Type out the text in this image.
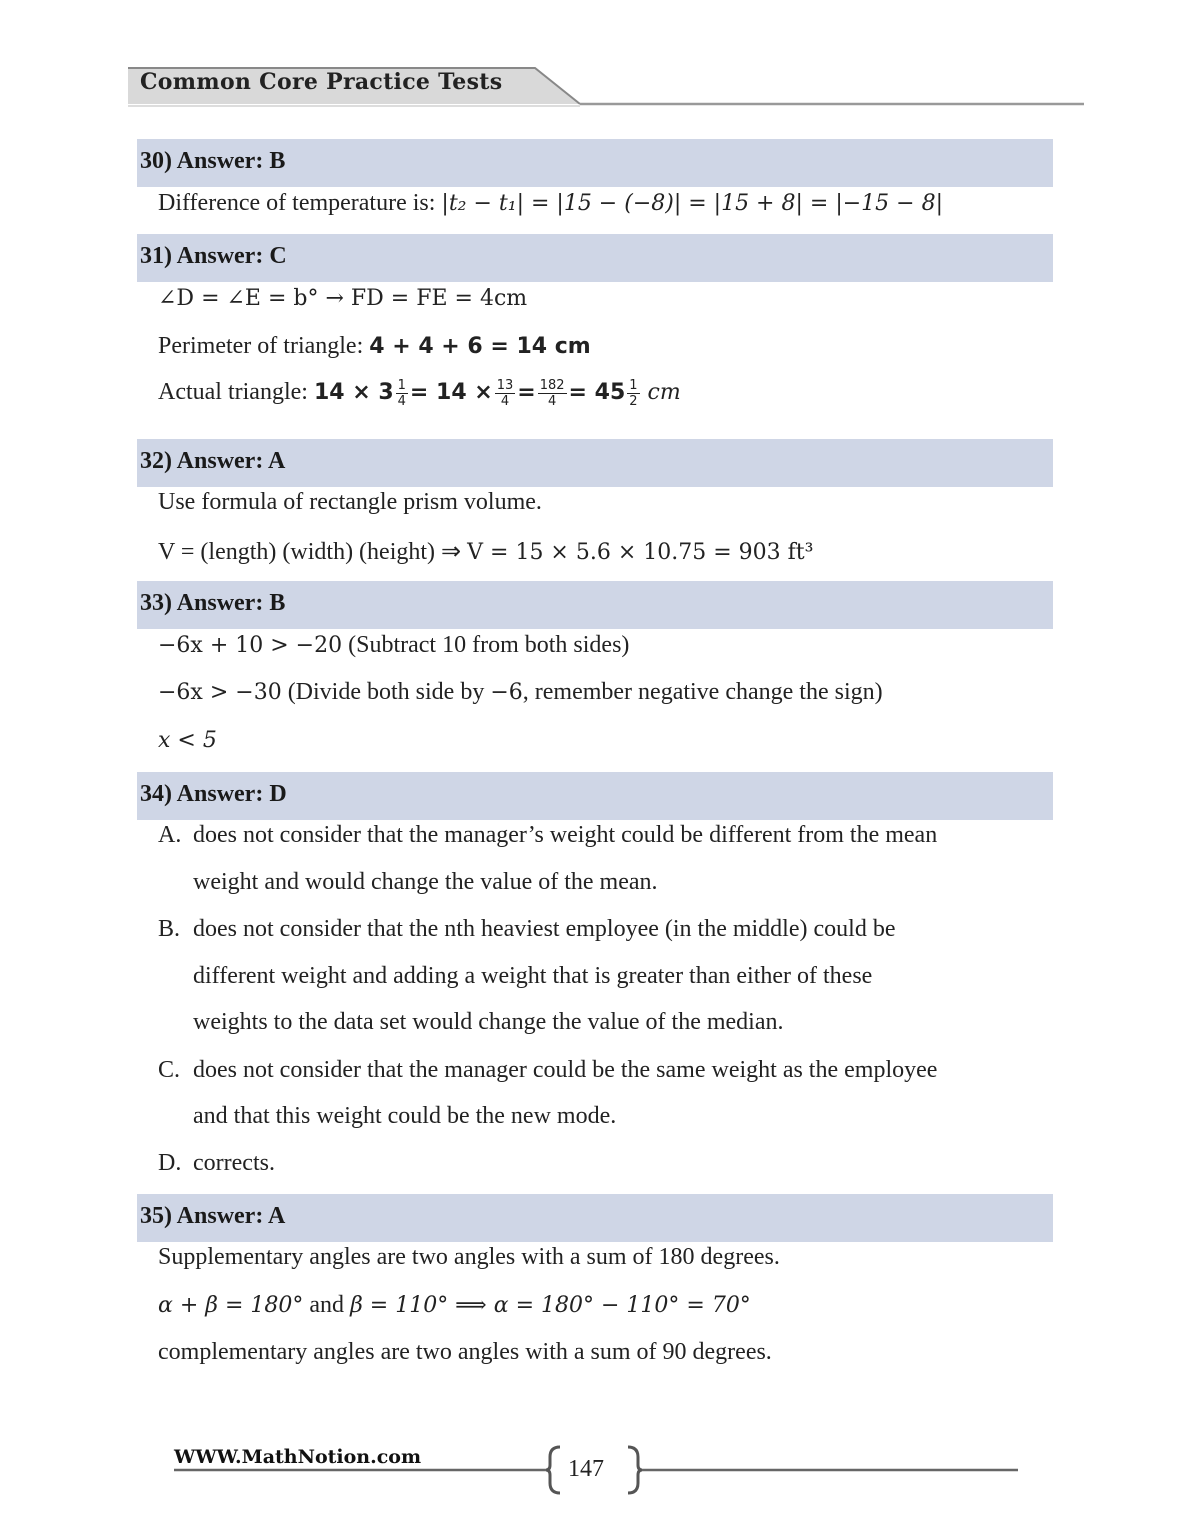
Common Core Practice Tests
30) Answer: B
Difference of temperature is: |t₂ − t₁| = |15 − (−8)| = |15 + 8| = |−15 − 8|
31) Answer: C
∠D = ∠E = b° → FD = FE = 4cm
Perimeter of triangle: 4 + 4 + 6 = 14 cm
Actual triangle: $14 \times 3 \frac{1}{4} = 14 \times \frac{13}{4} = \frac{182}{4} = 45 \frac{1}{2}$ cm
32) Answer: A
Use formula of rectangle prism volume.
V = (length) (width) (height) ⇒ V = 15 × 5.6 × 10.75 = 903 ft³
33) Answer: B
−6x + 10 > −20 (Subtract 10 from both sides)
−6x > −30 (Divide both side by −6, remember negative change the sign)
x < 5
34) Answer: D
A. does not consider that the manager’s weight could be different from the mean
weight and would change the value of the mean.
B. does not consider that the nth heaviest employee (in the middle) could be
different weight and adding a weight that is greater than either of these
weights to the data set would change the value of the median.
C. does not consider that the manager could be the same weight as the employee
and that this weight could be the new mode.
D. corrects.
35) Answer: A
Supplementary angles are two angles with a sum of 180 degrees.
α + β = 180° and β = 110° ⟹ α = 180° − 110° = 70°
complementary angles are two angles with a sum of 90 degrees.
WWW.MathNotion.com	147
